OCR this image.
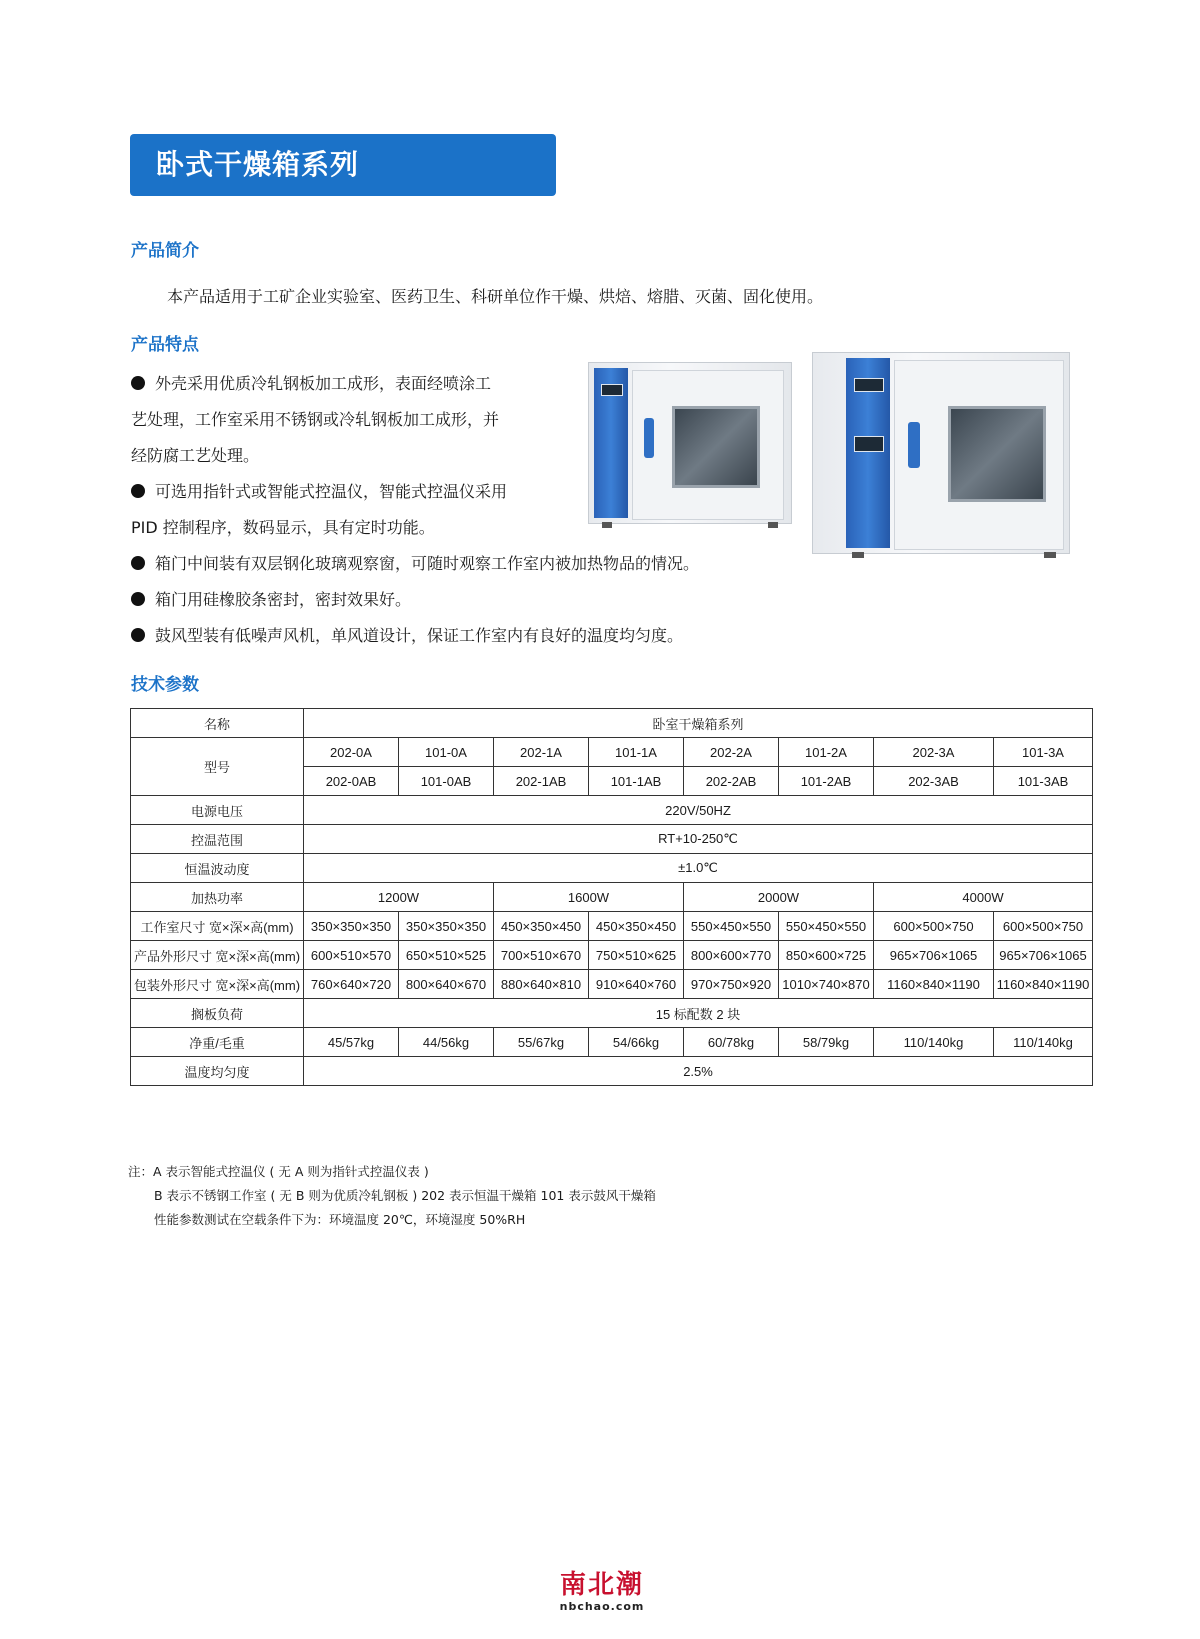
卧式干燥箱系列
产品简介
本产品适用于工矿企业实验室、医药卫生、科研单位作干燥、烘焙、熔腊、灭菌、固化使用。
产品特点
外壳采用优质冷轧钢板加工成形，表面经喷涂工
艺处理，工作室采用不锈钢或冷轧钢板加工成形，并
经防腐工艺处理。
可选用指针式或智能式控温仪，智能式控温仪采用
PID 控制程序，数码显示，具有定时功能。
箱门中间装有双层钢化玻璃观察窗，可随时观察工作室内被加热物品的情况。
箱门用硅橡胶条密封，密封效果好。
鼓风型装有低噪声风机，单风道设计，保证工作室内有良好的温度均匀度。
技术参数
名称	卧室干燥箱系列							
型号	202-0A	101-0A	202-1A	101-1A	202-2A	101-2A	202-3A	101-3A
	202-0AB	101-0AB	202-1AB	101-1AB	202-2AB	101-2AB	202-3AB	101-3AB
电源电压	220V/50HZ							
控温范围	RT+10-250℃							
恒温波动度	±1.0℃							
加热功率	1200W		1600W		2000W		4000W	
工作室尺寸 宽×深×高(mm)	350×350×350	350×350×350	450×350×450	450×350×450	550×450×550	550×450×550	600×500×750	600×500×750
产品外形尺寸 宽×深×高(mm)	600×510×570	650×510×525	700×510×670	750×510×625	800×600×770	850×600×725	965×706×1065	965×706×1065
包装外形尺寸 宽×深×高(mm)	760×640×720	800×640×670	880×640×810	910×640×760	970×750×920	1010×740×870	1160×840×1190	1160×840×1190
搁板负荷	15 标配数 2 块							
净重/毛重	45/57kg	44/56kg	55/67kg	54/66kg	60/78kg	58/79kg	110/140kg	110/140kg
温度均匀度	2.5%							
注：A 表示智能式控温仪 ( 无 A 则为指针式控温仪表 )
B 表示不锈钢工作室 ( 无 B 则为优质冷轧钢板 ) 202 表示恒温干燥箱 101 表示鼓风干燥箱
性能参数测试在空载条件下为：环境温度 20℃，环境湿度 50%RH
南北潮
nbchao.com
